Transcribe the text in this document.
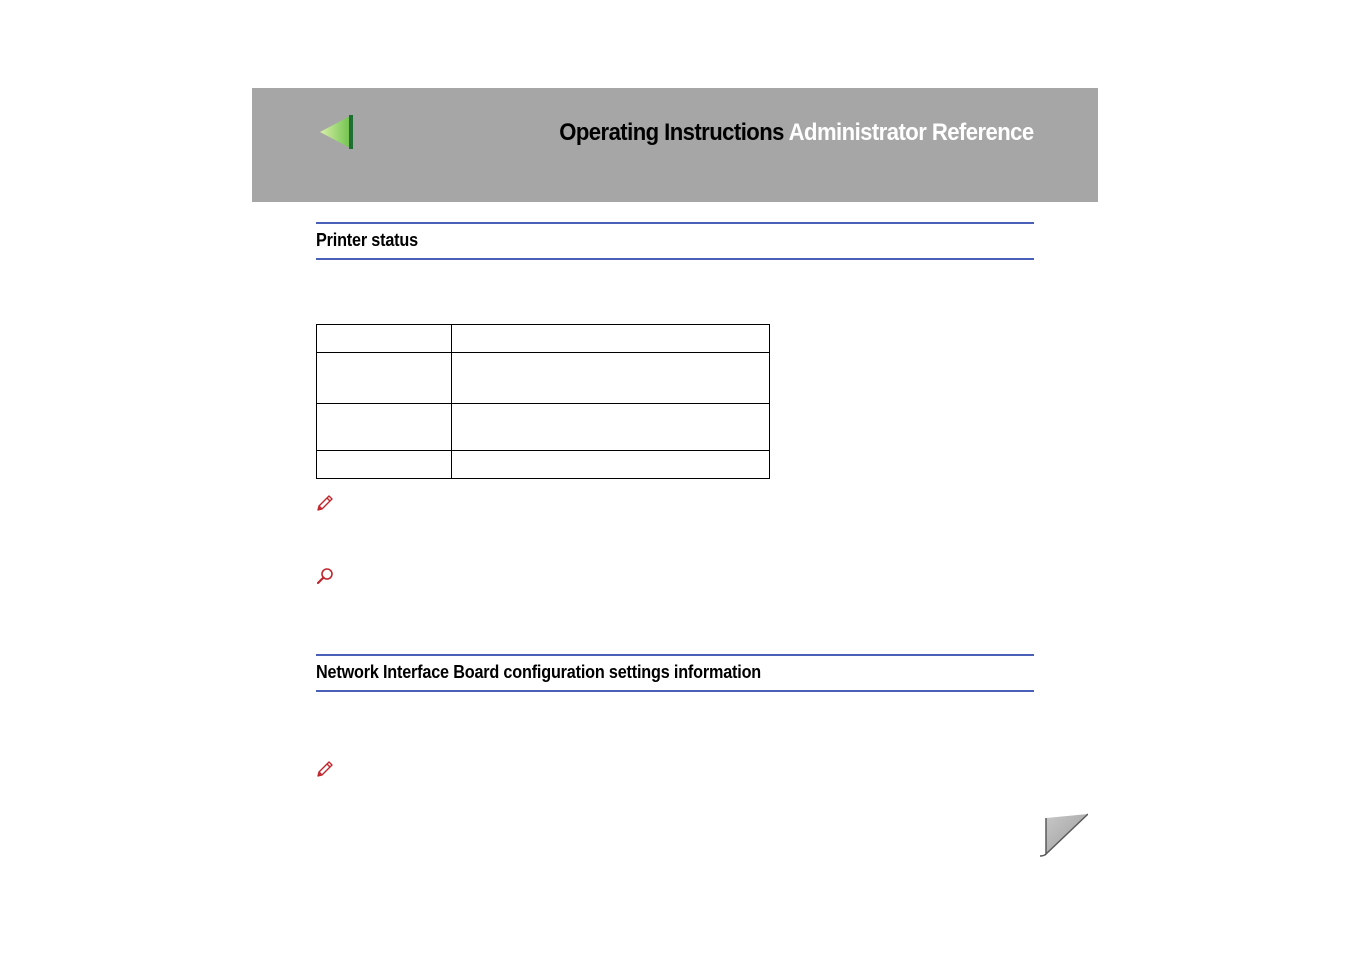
Operating Instructions Administrator Reference
Printer status

Network Interface Board configuration settings information
